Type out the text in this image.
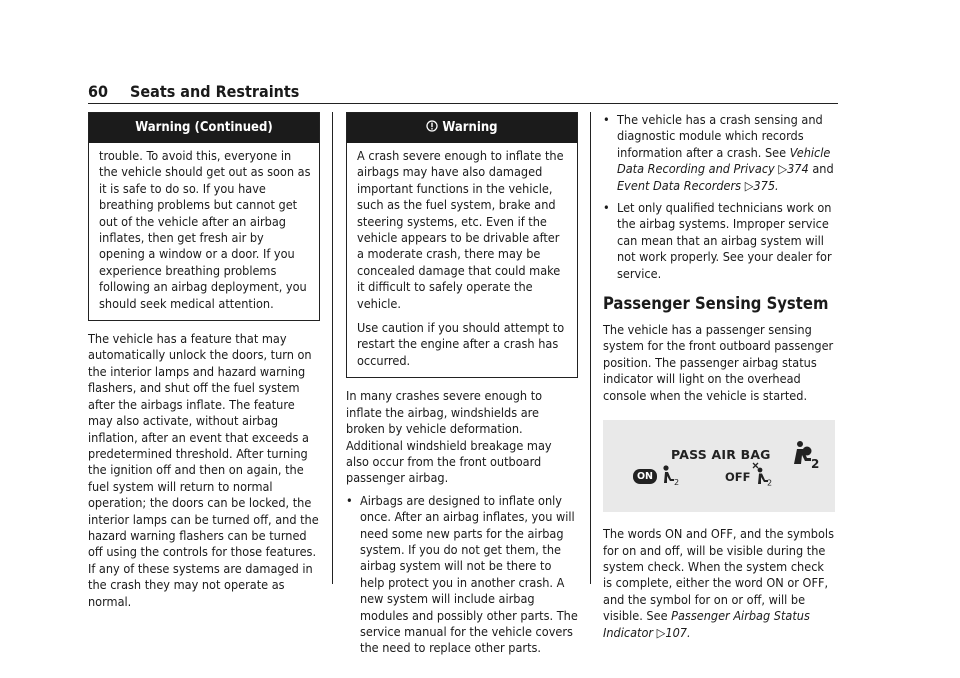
60 Seats and Restraints
Warning (Continued)

trouble. To avoid this, everyone in the vehicle should get out as soon as it is safe to do so. If you have breathing problems but cannot get out of the vehicle after an airbag inflates, then get fresh air by opening a window or a door. If you experience breathing problems following an airbag deployment, you should seek medical attention.

The vehicle has a feature that may automatically unlock the doors, turn on the interior lamps and hazard warning flashers, and shut off the fuel system after the airbags inflate. The feature may also activate, without airbag inflation, after an event that exceeds a predetermined threshold. After turning the ignition off and then on again, the fuel system will return to normal operation; the doors can be locked, the interior lamps can be turned off, and the hazard warning flashers can be turned off using the controls for those features. If any of these systems are damaged in the crash they may not operate as normal.

Warning

A crash severe enough to inflate the airbags may have also damaged important functions in the vehicle, such as the fuel system, brake and steering systems, etc. Even if the vehicle appears to be drivable after a moderate crash, there may be concealed damage that could make it difficult to safely operate the vehicle.

Use caution if you should attempt to restart the engine after a crash has occurred.

In many crashes severe enough to inflate the airbag, windshields are broken by vehicle deformation. Additional windshield breakage may also occur from the front outboard passenger airbag.

• Airbags are designed to inflate only once. After an airbag inflates, you will need some new parts for the airbag system. If you do not get them, the airbag system will not be there to help protect you in another crash. A new system will include airbag modules and possibly other parts. The service manual for the vehicle covers the need to replace other parts.
• The vehicle has a crash sensing and diagnostic module which records information after a crash. See Vehicle Data Recording and Privacy ▷374 and Event Data Recorders ▷375.
• Let only qualified technicians work on the airbag systems. Improper service can mean that an airbag system will not work properly. See your dealer for service.
Passenger Sensing System

The vehicle has a passenger sensing system for the front outboard passenger position. The passenger airbag status indicator will light on the overhead console when the vehicle is started.

PASS AIR BAG
ON
2	OFF 2
2

The words ON and OFF, and the symbols for on and off, will be visible during the system check. When the system check is complete, either the word ON or OFF, and the symbol for on or off, will be visible. See Passenger Airbag Status Indicator ▷107.
